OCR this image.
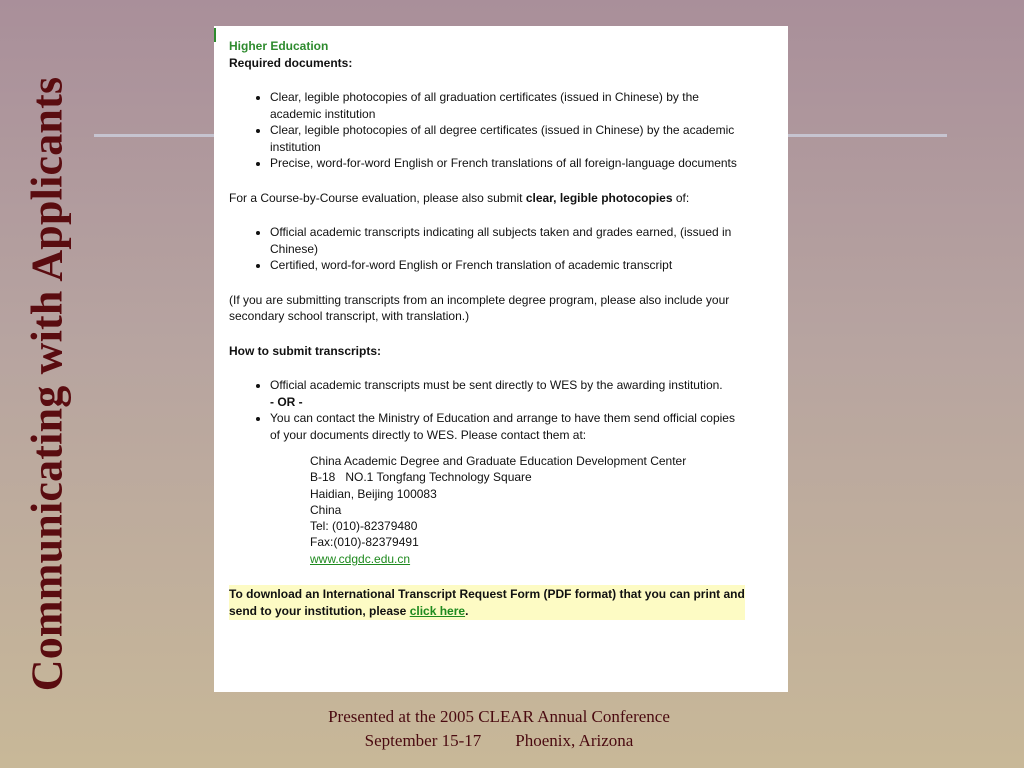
Communicating with Applicants
Higher Education
Required documents:
• Clear, legible photocopies of all graduation certificates (issued in Chinese) by the academic institution
• Clear, legible photocopies of all degree certificates (issued in Chinese) by the academic institution
• Precise, word-for-word English or French translations of all foreign-language documents

For a Course-by-Course evaluation, please also submit clear, legible photocopies of:

• Official academic transcripts indicating all subjects taken and grades earned, (issued in Chinese)
• Certified, word-for-word English or French translation of academic transcript

(If you are submitting transcripts from an incomplete degree program, please also include your secondary school transcript, with translation.)

How to submit transcripts:
• Official academic transcripts must be sent directly to WES by the awarding institution.
- OR -
• You can contact the Ministry of Education and arrange to have them send official copies of your documents directly to WES. Please contact them at:
China Academic Degree and Graduate Education Development Center
B-18   NO.1 Tongfang Technology Square
Haidian, Beijing 100083
China
Tel: (010)-82379480
Fax:(010)-82379491
www.cdgdc.edu.cn
To download an International Transcript Request Form (PDF format) that you can print and send to your institution, please click here.
Presented at the 2005 CLEAR Annual Conference
September 15-17 Phoenix, Arizona
